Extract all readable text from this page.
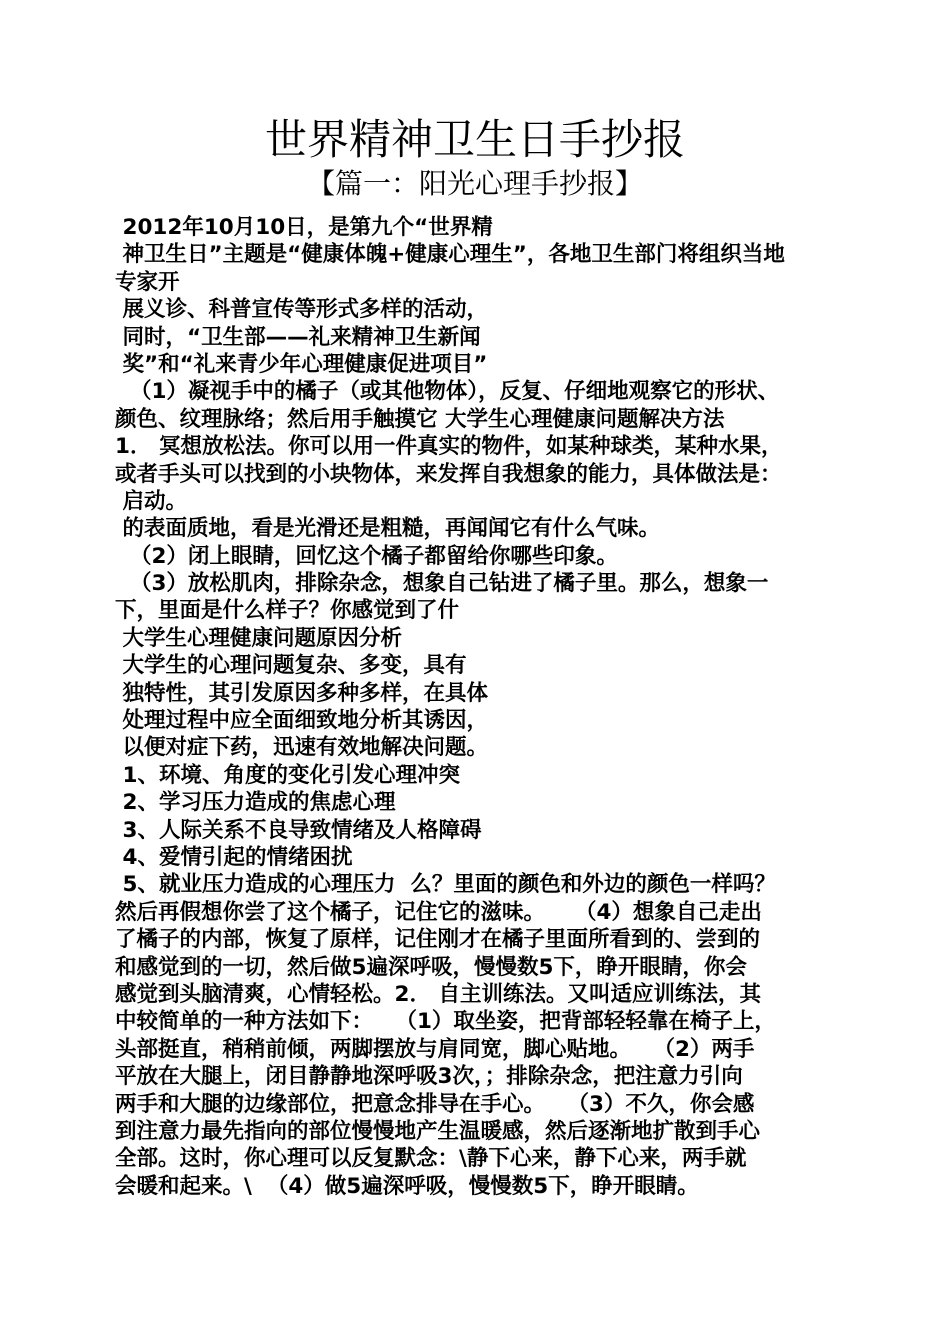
世界精神卫生日手抄报
【篇一：阳光心理手抄报】
2012年10月10日，是第九个“世界精
神卫生日”主题是“健康体魄+健康心理生”，各地卫生部门将组织当地
专家开
展义诊、科普宣传等形式多样的活动，
同时，“卫生部——礼来精神卫生新闻
奖”和“礼来青少年心理健康促进项目”
（1）凝视手中的橘子（或其他物体），反复、仔细地观察它的形状、
颜色、纹理脉络；然后用手触摸它 大学生心理健康问题解决方法
1． 冥想放松法。你可以用一件真实的物件，如某种球类，某种水果，
或者手头可以找到的小块物体，来发挥自我想象的能力，具体做法是：
启动。
的表面质地，看是光滑还是粗糙，再闻闻它有什么气味。
（2）闭上眼睛，回忆这个橘子都留给你哪些印象。
（3）放松肌肉，排除杂念，想象自己钻进了橘子里。那么，想象一
下，里面是什么样子？你感觉到了什
大学生心理健康问题原因分析
大学生的心理问题复杂、多变，具有
独特性，其引发原因多种多样，在具体
处理过程中应全面细致地分析其诱因，
以便对症下药，迅速有效地解决问题。
1、环境、角度的变化引发心理冲突
2、学习压力造成的焦虑心理
3、人际关系不良导致情绪及人格障碍
4、爱情引起的情绪困扰
5、就业压力造成的心理压力  么？里面的颜色和外边的颜色一样吗？
然后再假想你尝了这个橘子，记住它的滋味。    （4）想象自己走出
了橘子的内部，恢复了原样，记住刚才在橘子里面所看到的、尝到的
和感觉到的一切，然后做5遍深呼吸，慢慢数5下，睁开眼睛，你会
感觉到头脑清爽，心情轻松。2． 自主训练法。又叫适应训练法，其
中较简单的一种方法如下：   （1）取坐姿，把背部轻轻靠在椅子上，
头部挺直，稍稍前倾，两脚摆放与肩同宽，脚心贴地。   （2）两手
平放在大腿上，闭目静静地深呼吸3次，；排除杂念，把注意力引向
两手和大腿的边缘部位，把意念排导在手心。   （3）不久，你会感
到注意力最先指向的部位慢慢地产生温暖感，然后逐渐地扩散到手心
全部。这时，你心理可以反复默念：\静下心来，静下心来，两手就
会暖和起来。\  （4）做5遍深呼吸，慢慢数5下，睁开眼睛。
